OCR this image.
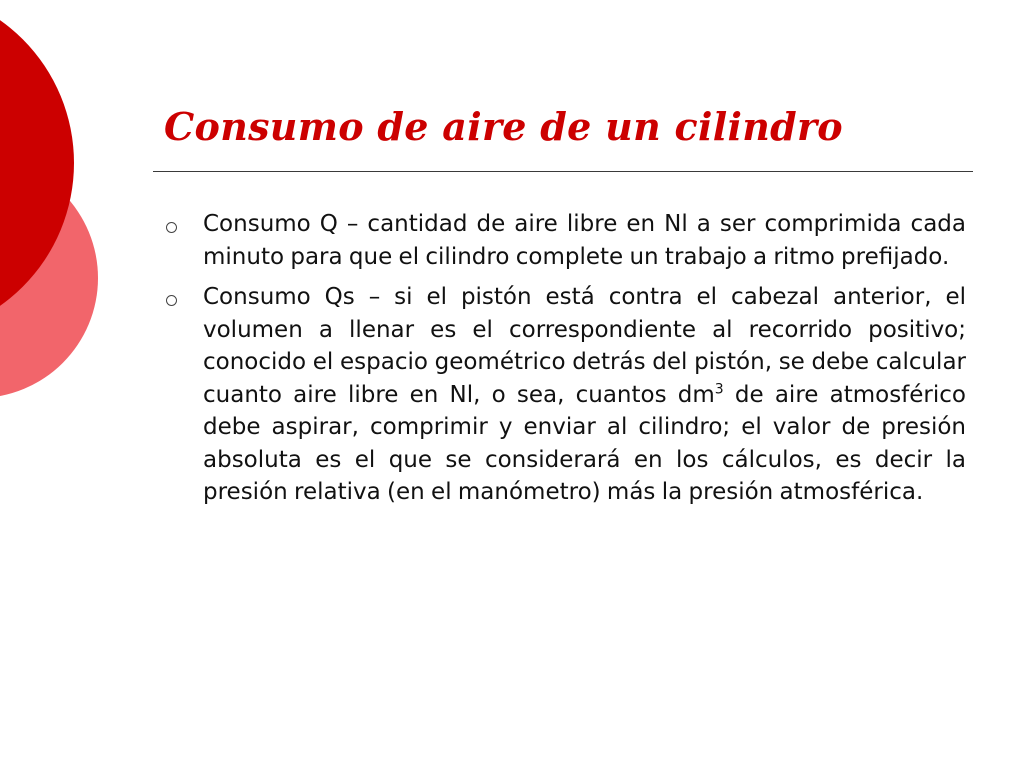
Consumo de aire de un cilindro
Consumo Q – cantidad de aire libre en Nl a ser comprimida cada minuto para que el cilindro complete un trabajo a ritmo prefijado.
Consumo Qs – si el pistón está contra el cabezal anterior, el volumen a llenar es el correspondiente al recorrido positivo; conocido el espacio geométrico detrás del pistón, se debe calcular cuanto aire libre en Nl, o sea, cuantos $dm^3$ de aire atmosférico debe aspirar, comprimir y enviar al cilindro; el valor de presión absoluta es el que se considerará en los cálculos, es decir la presión relativa (en el manómetro) más la presión atmosférica.
